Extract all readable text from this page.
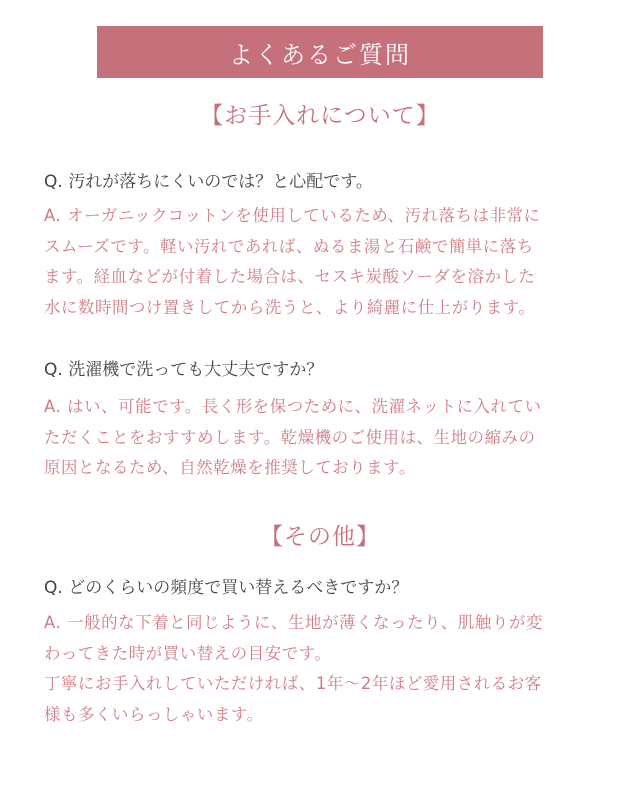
よくあるご質問
【お手入れについて】
Q. 汚れが落ちにくいのでは？と心配です。
A. オーガニックコットンを使用しているため、汚れ落ちは非常に
スムーズです。軽い汚れであれば、ぬるま湯と石鹸で簡単に落ち
ます。経血などが付着した場合は、セスキ炭酸ソーダを溶かした
水に数時間つけ置きしてから洗うと、より綺麗に仕上がります。
Q. 洗濯機で洗っても大丈夫ですか？
A. はい、可能です。長く形を保つために、洗濯ネットに入れてい
ただくことをおすすめします。乾燥機のご使用は、生地の縮みの
原因となるため、自然乾燥を推奨しております。
【その他】
Q. どのくらいの頻度で買い替えるべきですか？
A. 一般的な下着と同じように、生地が薄くなったり、肌触りが変
わってきた時が買い替えの目安です。
丁寧にお手入れしていただければ、1年〜2年ほど愛用されるお客
様も多くいらっしゃいます。
